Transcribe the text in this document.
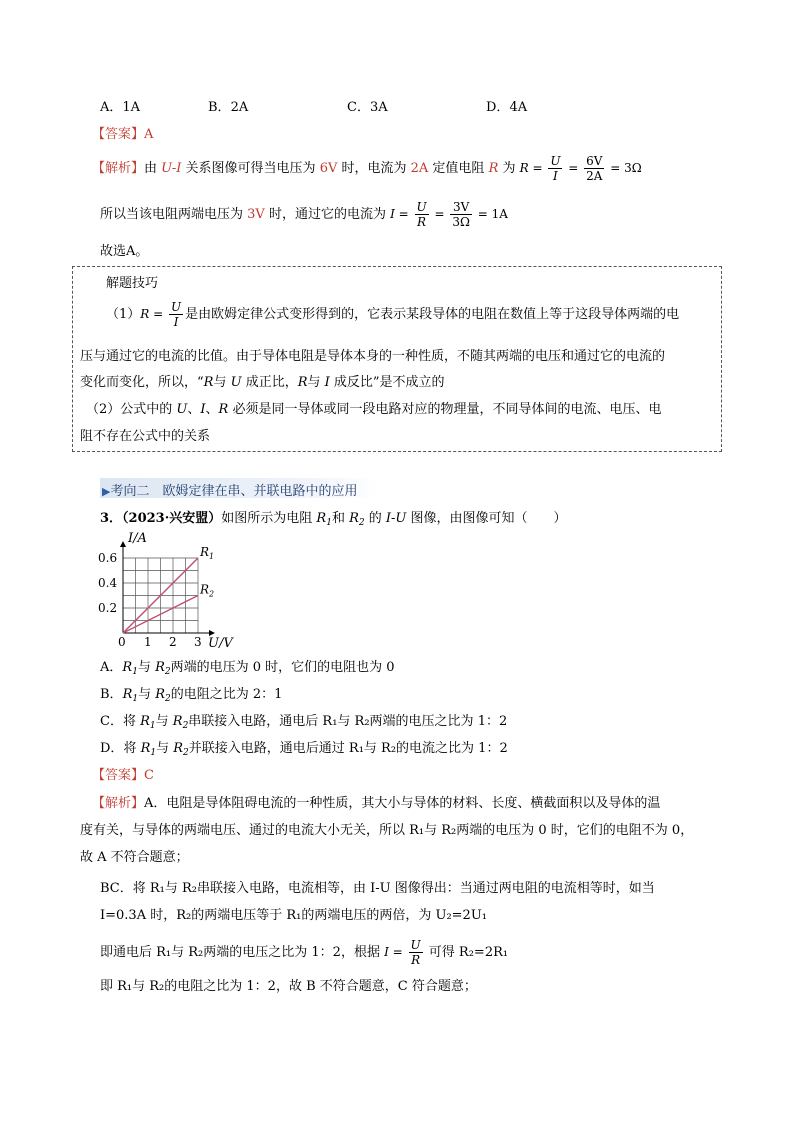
A．1A	B．2A	C．3A	D．4A
【答案】A
【解析】由 U-I 关系图像可得当电压为 6V 时，电流为 2A 定值电阻 R 为 $R = \frac{U}{I} = \frac{6V}{2A} = 3\Omega$
所以当该电阻两端电压为 3V 时，通过它的电流为 $I = \frac{U}{R} = \frac{3V}{3\Omega} = 1A$
故选A。
解题技巧
$(1)R = \frac{U}{I}$ 是由欧姆定律公式变形得到的，它表示某段导体的电阻在数值上等于这段导体两端的电
压与通过它的电流的比值。由于导体电阻是导体本身的一种性质，不随其两端的电压和通过它的电流的
变化而变化，所以，“R与 U 成正比，R与 I 成反比”是不成立的
（2）公式中的 U、I、R 必须是同一导体或同一段电路对应的物理量，不同导体间的电流、电压、电
阻不存在公式中的关系
▶考向二　欧姆定律在串、并联电路中的应用
3．（2023·兴安盟）如图所示为电阻 $R_1$和 $R_2$ 的 I-U 图像，由图像可知（　　）
$R_1$
$R_2$
0 1 2 3
0.2
0.4
0.6
I/A
U/V
A．$R_1$与 $R_2$两端的电压为 0 时，它们的电阻也为 0
B．$R_1$与 $R_2$的电阻之比为 2：1
C．将 $R_1$与 $R_2$串联接入电路，通电后 R₁与 R₂两端的电压之比为 1：2
D．将 $R_1$与 $R_2$并联接入电路，通电后通过 R₁与 R₂的电流之比为 1：2
【答案】C
【解析】A．电阻是导体阻碍电流的一种性质，其大小与导体的材料、长度、横截面积以及导体的温
度有关，与导体的两端电压、通过的电流大小无关，所以 R₁与 R₂两端的电压为 0 时，它们的电阻不为 0，
故 A 不符合题意；
BC．将 R₁与 R₂串联接入电路，电流相等，由 I-U 图像得出：当通过两电阻的电流相等时，如当
I=0.3A 时，R₂的两端电压等于 R₁的两端电压的两倍，为 U₂=2U₁
即通电后 R₁与 R₂两端的电压之比为 1：2，根据 $I = \frac{U}{R}$ 可得 R₂=2R₁
即 R₁与 R₂的电阻之比为 1：2，故 B 不符合题意，C 符合题意；
